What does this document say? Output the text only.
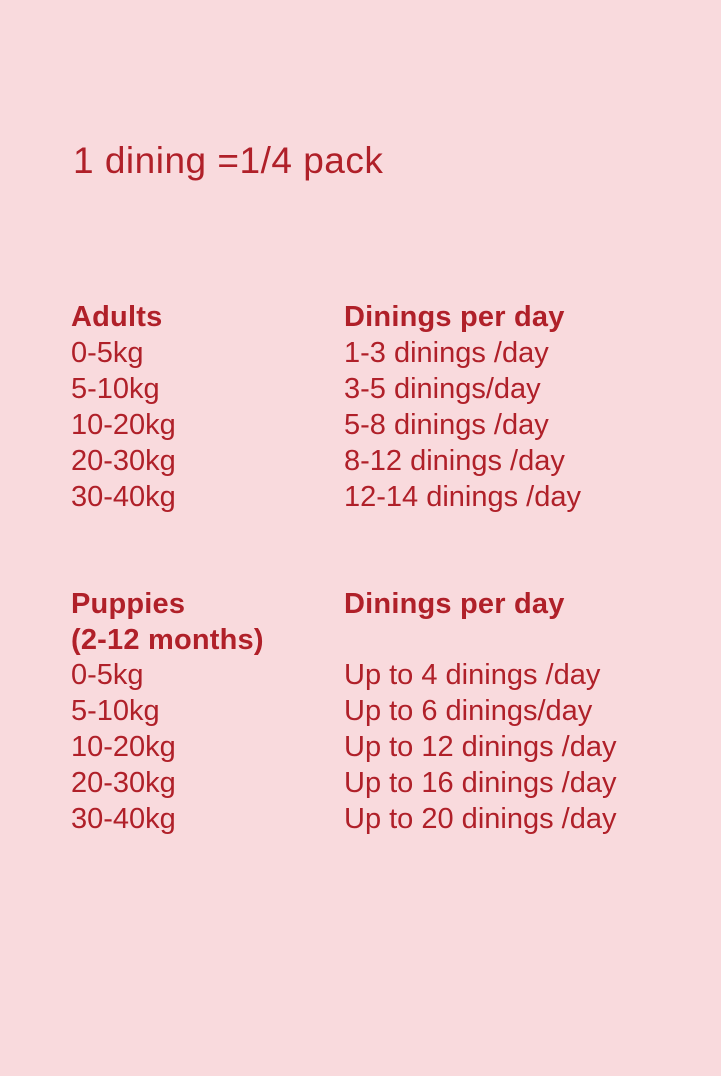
1 dining =1/4 pack
Adults	Dinings per day
0-5kg	1-3 dinings /day
5-10kg	3-5 dinings/day
10-20kg	5-8 dinings /day
20-30kg	8-12 dinings /day
30-40kg	12-14 dinings /day
Puppies	Dinings per day
(2-12 months)
0-5kg	Up to 4 dinings /day
5-10kg	Up to 6 dinings/day
10-20kg	Up to 12 dinings /day
20-30kg	Up to 16 dinings /day
30-40kg	Up to 20 dinings /day
